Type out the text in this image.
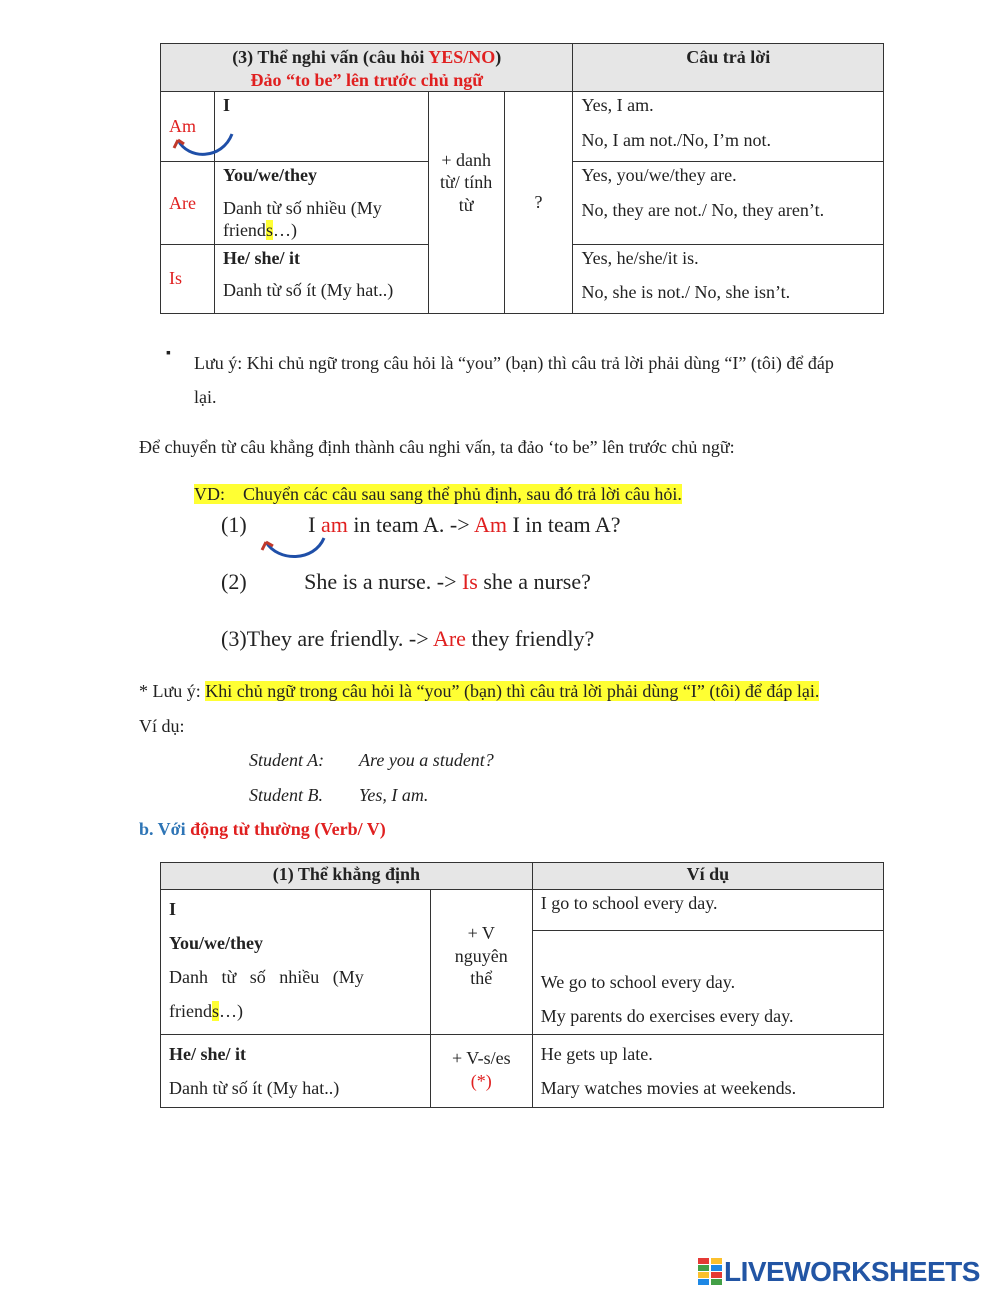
(3) Thể nghi vấn (câu hỏi YES/NO)
Đảo “to be” lên trước chủ ngữ				Câu trả lời
Am	I	+ danh từ/ tính từ	?	Yes, I am.
No, I am not./No, I’m not.

Are	You/we/they
Danh từ số nhiều (My friends…)			Yes, you/we/they are.
No, they are not./ No, they aren’t.

Is	He/ she/ it
Danh từ số ít (My hat..)			Yes, he/she/it is.
No, she is not./ No, she isn’t.
▪ Lưu ý: Khi chủ ngữ trong câu hỏi là “you” (bạn) thì câu trả lời phải dùng “I” (tôi) để đáp
lại.
Để chuyển từ câu khẳng định thành câu nghi vấn, ta đảo ‘to be” lên trước chủ ngữ:
VD:    Chuyển các câu sau sang thể phủ định, sau đó trả lời câu hỏi.
(1)	I am in team A. -> Am I in team A?
(2)	She is a nurse. -> Is she a nurse?
(3)They are friendly. -> Are they friendly?
* Lưu ý: Khi chủ ngữ trong câu hỏi là “you” (bạn) thì câu trả lời phải dùng “I” (tôi) để đáp lại.
Ví dụ:
Student A: Are you a student?
Student B. Yes, I am.
b. Với động từ thường (Verb/ V)
(1) Thể khẳng định		Ví dụ

I
You/we/they
Danh   từ   số   nhiều   (My
friends…)	+ V nguyên thể	I go to school every day.

		We go to school every day.
My parents do exercises every day.

He/ she/ it
Danh từ số ít (My hat..)	+ V-s/es
(*)	He gets up late.
Mary watches movies at weekends.
LIVEWORKSHEETS
